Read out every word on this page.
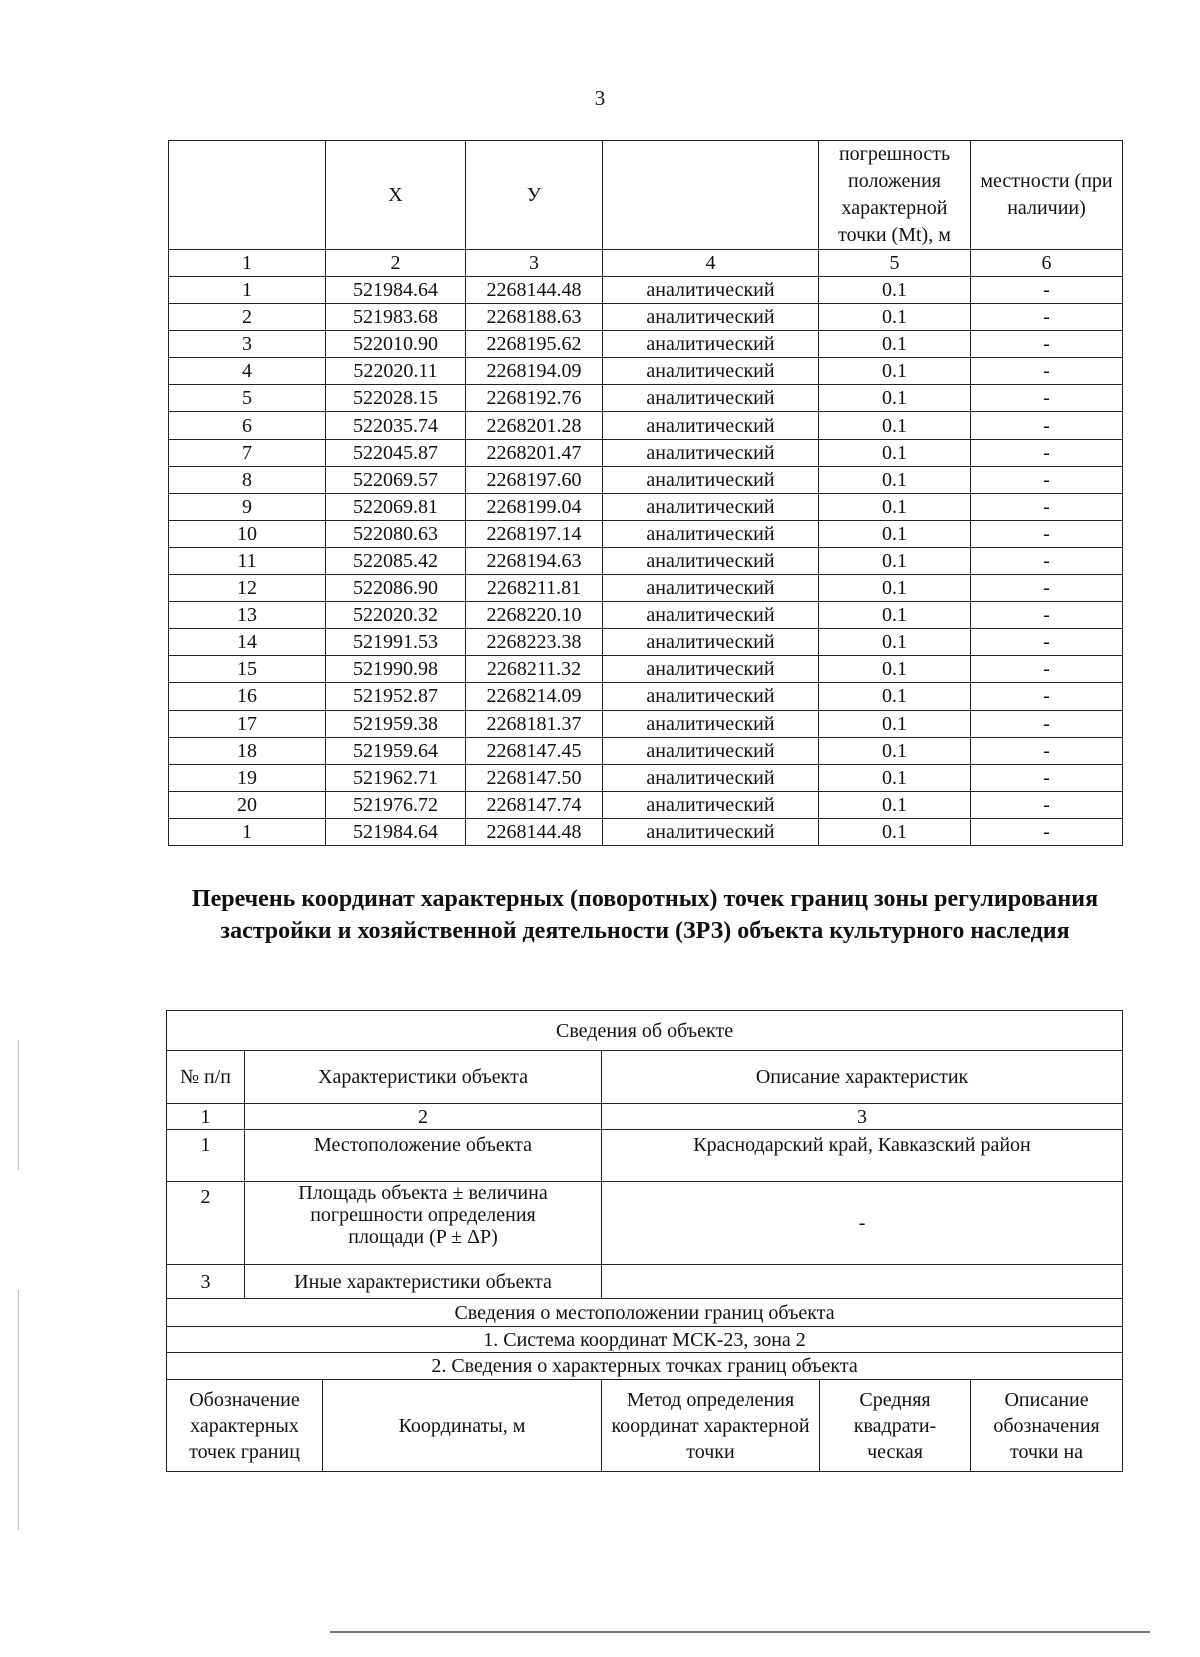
3
	X	У		погрешность положения характерной точки (Mt), м	местности (при наличии)
1	2	3	4	5	6
1	521984.64	2268144.48	аналитический	0.1	-
2	521983.68	2268188.63	аналитический	0.1	-
3	522010.90	2268195.62	аналитический	0.1	-
4	522020.11	2268194.09	аналитический	0.1	-
5	522028.15	2268192.76	аналитический	0.1	-
6	522035.74	2268201.28	аналитический	0.1	-
7	522045.87	2268201.47	аналитический	0.1	-
8	522069.57	2268197.60	аналитический	0.1	-
9	522069.81	2268199.04	аналитический	0.1	-
10	522080.63	2268197.14	аналитический	0.1	-
11	522085.42	2268194.63	аналитический	0.1	-
12	522086.90	2268211.81	аналитический	0.1	-
13	522020.32	2268220.10	аналитический	0.1	-
14	521991.53	2268223.38	аналитический	0.1	-
15	521990.98	2268211.32	аналитический	0.1	-
16	521952.87	2268214.09	аналитический	0.1	-
17	521959.38	2268181.37	аналитический	0.1	-
18	521959.64	2268147.45	аналитический	0.1	-
19	521962.71	2268147.50	аналитический	0.1	-
20	521976.72	2268147.74	аналитический	0.1	-
1	521984.64	2268144.48	аналитический	0.1	-
Перечень координат характерных (поворотных) точек границ зоны регулирования застройки и хозяйственной деятельности (ЗРЗ) объекта культурного наследия
Сведения об объекте					
№ п/п	Характеристики объекта		Описание характеристик		
1	2		3		
1	Местоположение объекта		Краснодарский край, Кавказский район		
2	Площадь объекта ± величина погрешности определения площади (P ± ΔP)		-		
3	Иные характеристики объекта				
Сведения о местоположении границ объекта					
1. Система координат МСК-23, зона 2					
2. Сведения о характерных точках границ объекта					
Обозначение характерных точек границ		Координаты, м	Метод определения координат характерной точки	Средняя квадрати-ческая	Описание обозначения точки на
